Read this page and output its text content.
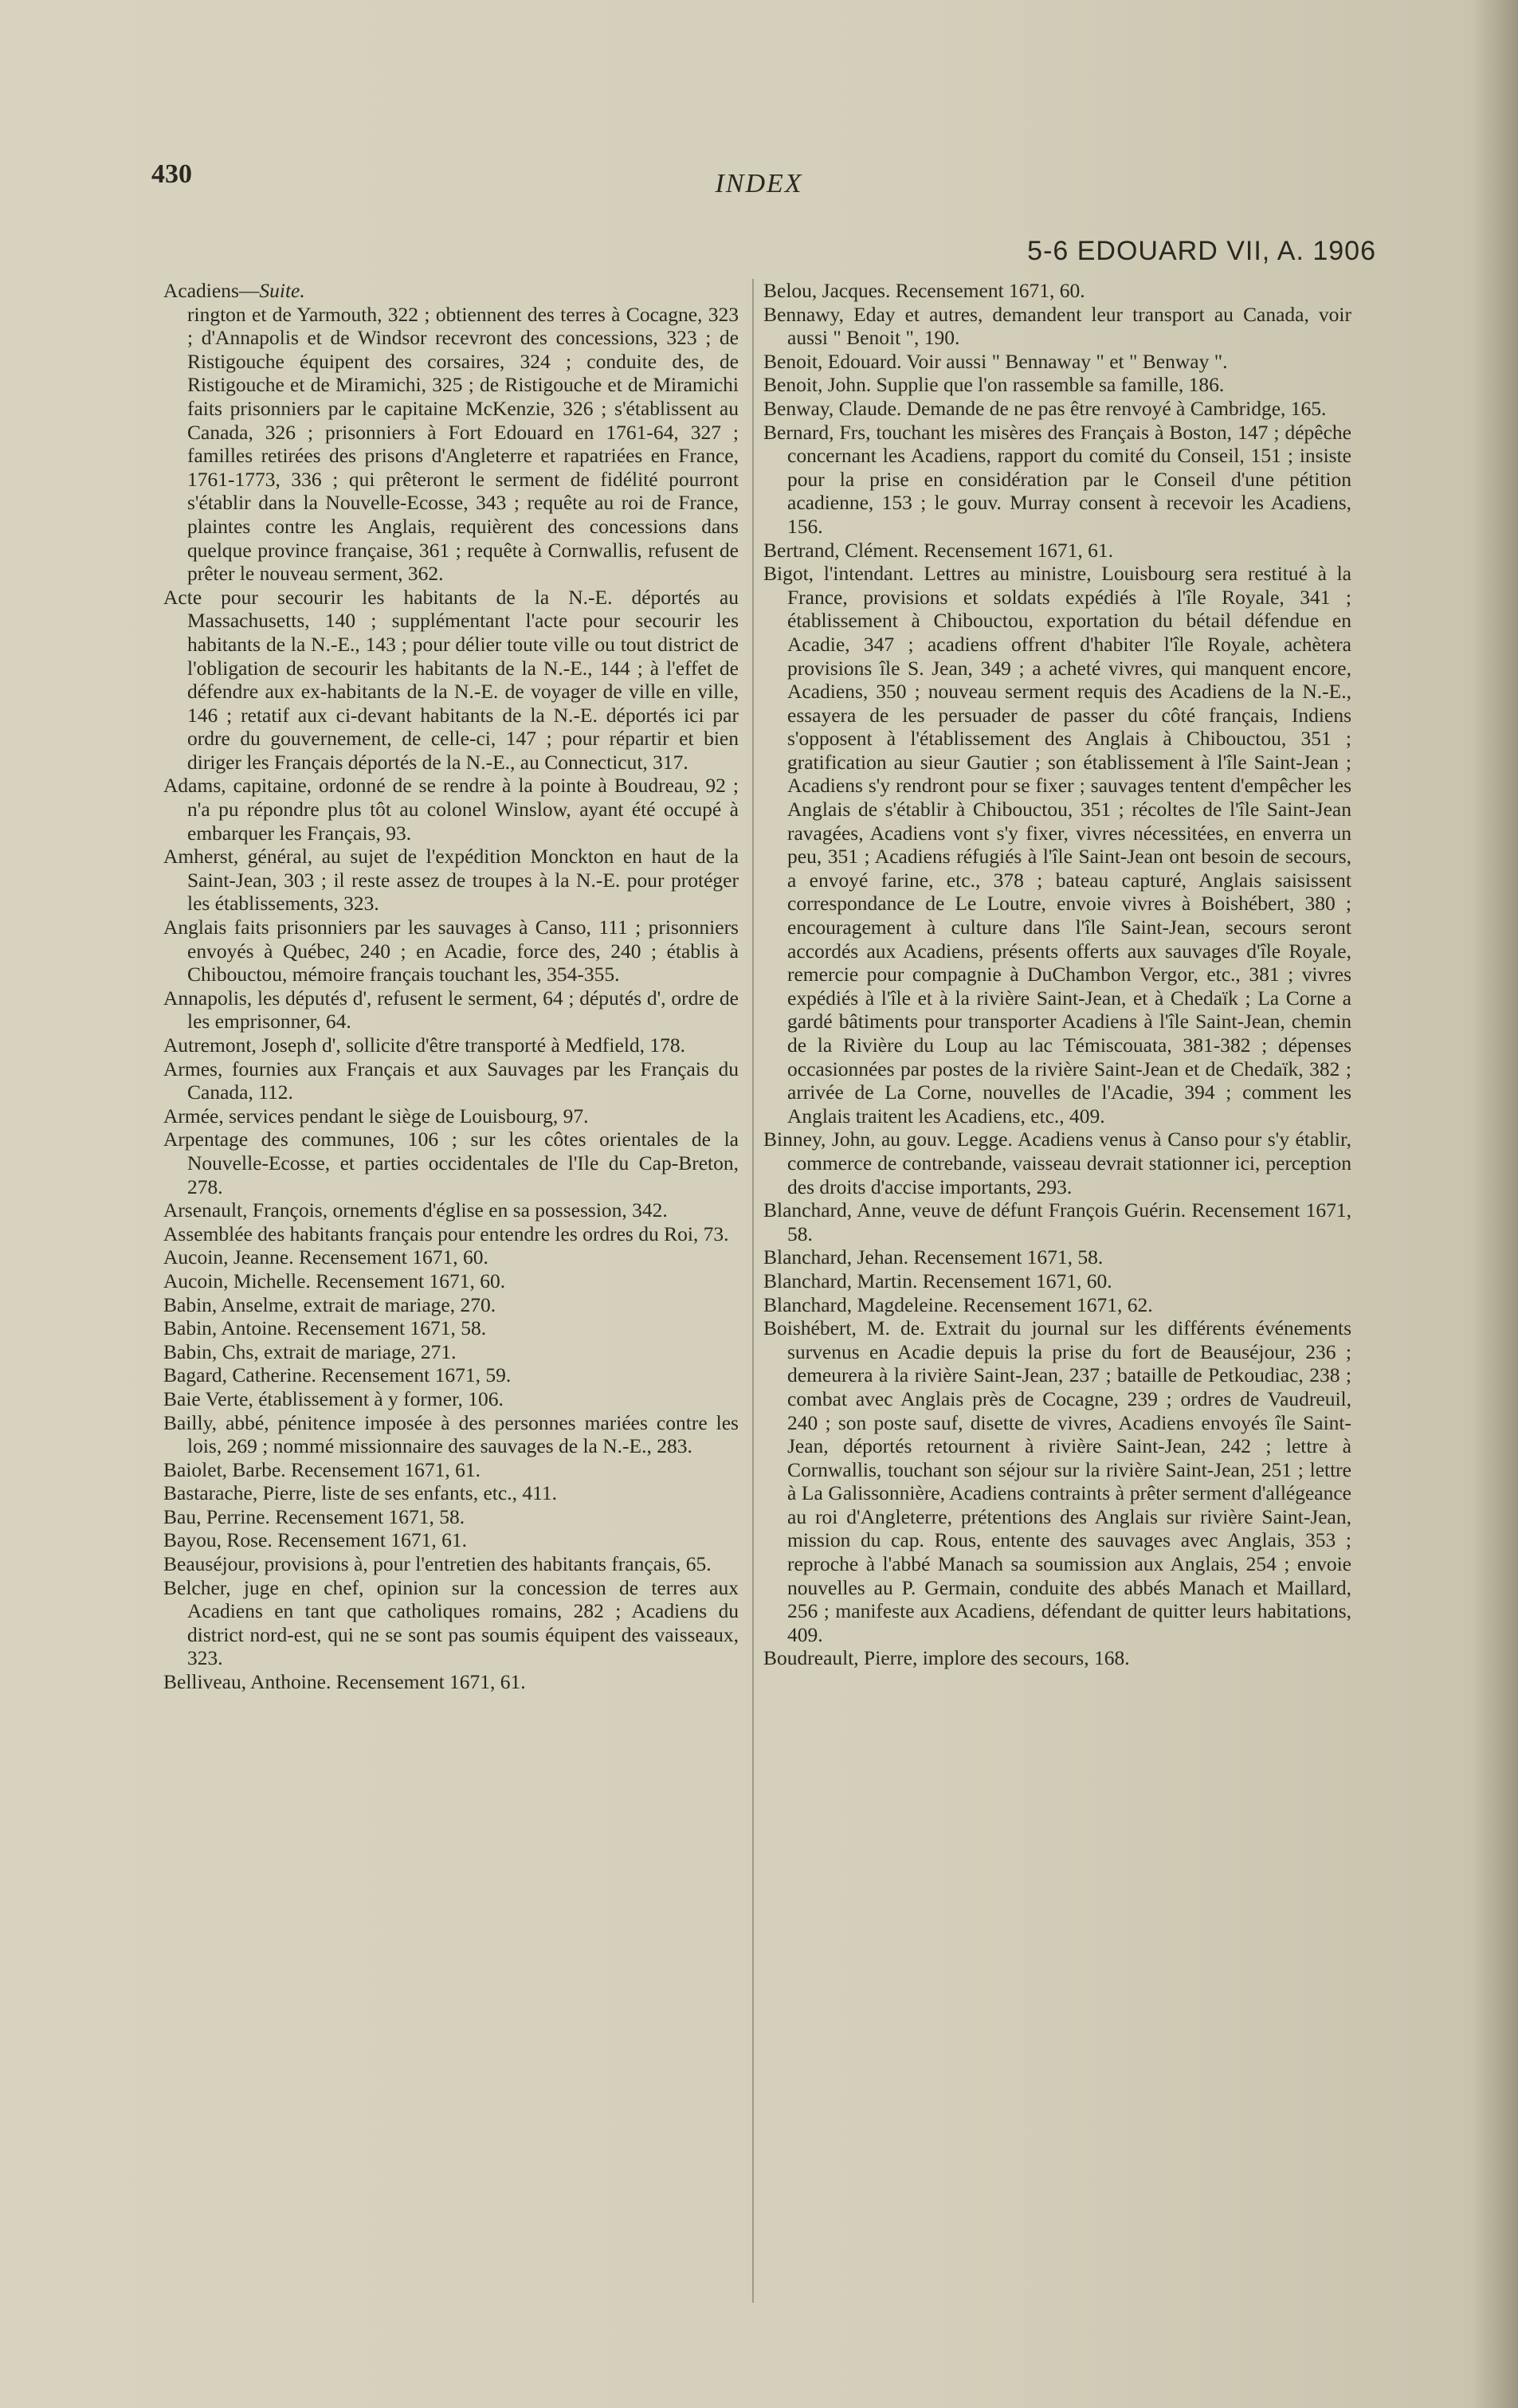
430	INDEX
5-6 EDOUARD VII, A. 1906

Acadiens—Suite.

rington et de Yarmouth, 322 ; obtiennent des terres à Cocagne, 323 ; d'Annapolis et de Windsor recevront des concessions, 323 ; de Ristigouche équipent des corsaires, 324 ; conduite des, de Ristigouche et de Miramichi, 325 ; de Ristigouche et de Miramichi faits prisonniers par le capitaine McKenzie, 326 ; s'établissent au Canada, 326 ; prisonniers à Fort Edouard en 1761-64, 327 ; familles retirées des prisons d'Angleterre et rapatriées en France, 1761-1773, 336 ; qui prêteront le serment de fidélité pourront s'établir dans la Nouvelle-Ecosse, 343 ; requête au roi de France, plaintes contre les Anglais, requièrent des concessions dans quelque province française, 361 ; requête à Cornwallis, refusent de prêter le nouveau serment, 362.

Acte pour secourir les habitants de la N.-E. déportés au Massachusetts, 140 ; supplémentant l'acte pour secourir les habitants de la N.-E., 143 ; pour délier toute ville ou tout district de l'obligation de secourir les habitants de la N.-E., 144 ; à l'effet de défendre aux ex-habitants de la N.-E. de voyager de ville en ville, 146 ; retatif aux ci-devant habitants de la N.-E. déportés ici par ordre du gouvernement, de celle-ci, 147 ; pour répartir et bien diriger les Français déportés de la N.-E., au Connecticut, 317.

Adams, capitaine, ordonné de se rendre à la pointe à Boudreau, 92 ; n'a pu répondre plus tôt au colonel Winslow, ayant été occupé à embarquer les Français, 93.

Amherst, général, au sujet de l'expédition Monckton en haut de la Saint-Jean, 303 ; il reste assez de troupes à la N.-E. pour protéger les établissements, 323.

Anglais faits prisonniers par les sauvages à Canso, 111 ; prisonniers envoyés à Québec, 240 ; en Acadie, force des, 240 ; établis à Chibouctou, mémoire français touchant les, 354-355.

Annapolis, les députés d', refusent le serment, 64 ; députés d', ordre de les emprisonner, 64.

Autremont, Joseph d', sollicite d'être transporté à Medfield, 178.

Armes, fournies aux Français et aux Sauvages par les Français du Canada, 112.

Armée, services pendant le siège de Louisbourg, 97.

Arpentage des communes, 106 ; sur les côtes orientales de la Nouvelle-Ecosse, et parties occidentales de l'Ile du Cap-Breton, 278.

Arsenault, François, ornements d'église en sa possession, 342.

Assemblée des habitants français pour entendre les ordres du Roi, 73.

Aucoin, Jeanne. Recensement 1671, 60.

Aucoin, Michelle. Recensement 1671, 60.

Babin, Anselme, extrait de mariage, 270.

Babin, Antoine. Recensement 1671, 58.

Babin, Chs, extrait de mariage, 271.

Bagard, Catherine. Recensement 1671, 59.

Baie Verte, établissement à y former, 106.

Bailly, abbé, pénitence imposée à des personnes mariées contre les lois, 269 ; nommé missionnaire des sauvages de la N.-E., 283.

Baiolet, Barbe. Recensement 1671, 61.

Bastarache, Pierre, liste de ses enfants, etc., 411.

Bau, Perrine. Recensement 1671, 58.

Bayou, Rose. Recensement 1671, 61.

Beauséjour, provisions à, pour l'entretien des habitants français, 65.

Belcher, juge en chef, opinion sur la concession de terres aux Acadiens en tant que catholiques romains, 282 ; Acadiens du district nord-est, qui ne se sont pas soumis équipent des vaisseaux, 323.

Belliveau, Anthoine. Recensement 1671, 61.

Belou, Jacques. Recensement 1671, 60.

Bennawy, Eday et autres, demandent leur transport au Canada, voir aussi " Benoit ", 190.

Benoit, Edouard. Voir aussi " Bennaway " et " Benway ".

Benoit, John. Supplie que l'on rassemble sa famille, 186.

Benway, Claude. Demande de ne pas être renvoyé à Cambridge, 165.

Bernard, Frs, touchant les misères des Français à Boston, 147 ; dépêche concernant les Acadiens, rapport du comité du Conseil, 151 ; insiste pour la prise en considération par le Conseil d'une pétition acadienne, 153 ; le gouv. Murray consent à recevoir les Acadiens, 156.

Bertrand, Clément. Recensement 1671, 61.

Bigot, l'intendant. Lettres au ministre, Louisbourg sera restitué à la France, provisions et soldats expédiés à l'île Royale, 341 ; établissement à Chibouctou, exportation du bétail défendue en Acadie, 347 ; acadiens offrent d'habiter l'île Royale, achètera provisions île S. Jean, 349 ; a acheté vivres, qui manquent encore, Acadiens, 350 ; nouveau serment requis des Acadiens de la N.-E., essayera de les persuader de passer du côté français, Indiens s'opposent à l'établissement des Anglais à Chibouctou, 351 ; gratification au sieur Gautier ; son établissement à l'île Saint-Jean ; Acadiens s'y rendront pour se fixer ; sauvages tentent d'empêcher les Anglais de s'établir à Chibouctou, 351 ; récoltes de l'île Saint-Jean ravagées, Acadiens vont s'y fixer, vivres nécessitées, en enverra un peu, 351 ; Acadiens réfugiés à l'île Saint-Jean ont besoin de secours, a envoyé farine, etc., 378 ; bateau capturé, Anglais saisissent correspondance de Le Loutre, envoie vivres à Boishébert, 380 ; encouragement à culture dans l'île Saint-Jean, secours seront accordés aux Acadiens, présents offerts aux sauvages d'île Royale, remercie pour compagnie à DuChambon Vergor, etc., 381 ; vivres expédiés à l'île et à la rivière Saint-Jean, et à Chedaïk ; La Corne a gardé bâtiments pour transporter Acadiens à l'île Saint-Jean, chemin de la Rivière du Loup au lac Témiscouata, 381-382 ; dépenses occasionnées par postes de la rivière Saint-Jean et de Chedaïk, 382 ; arrivée de La Corne, nouvelles de l'Acadie, 394 ; comment les Anglais traitent les Acadiens, etc., 409.

Binney, John, au gouv. Legge. Acadiens venus à Canso pour s'y établir, commerce de contrebande, vaisseau devrait stationner ici, perception des droits d'accise importants, 293.

Blanchard, Anne, veuve de défunt François Guérin. Recensement 1671, 58.

Blanchard, Jehan. Recensement 1671, 58.

Blanchard, Martin. Recensement 1671, 60.

Blanchard, Magdeleine. Recensement 1671, 62.

Boishébert, M. de. Extrait du journal sur les différents événements survenus en Acadie depuis la prise du fort de Beauséjour, 236 ; demeurera à la rivière Saint-Jean, 237 ; bataille de Petkoudiac, 238 ; combat avec Anglais près de Cocagne, 239 ; ordres de Vaudreuil, 240 ; son poste sauf, disette de vivres, Acadiens envoyés île Saint-Jean, déportés retournent à rivière Saint-Jean, 242 ; lettre à Cornwallis, touchant son séjour sur la rivière Saint-Jean, 251 ; lettre à La Galissonnière, Acadiens contraints à prêter serment d'allégeance au roi d'Angleterre, prétentions des Anglais sur rivière Saint-Jean, mission du cap. Rous, entente des sauvages avec Anglais, 353 ; reproche à l'abbé Manach sa soumission aux Anglais, 254 ; envoie nouvelles au P. Germain, conduite des abbés Manach et Maillard, 256 ; manifeste aux Acadiens, défendant de quitter leurs habitations, 409.

Boudreault, Pierre, implore des secours, 168.
